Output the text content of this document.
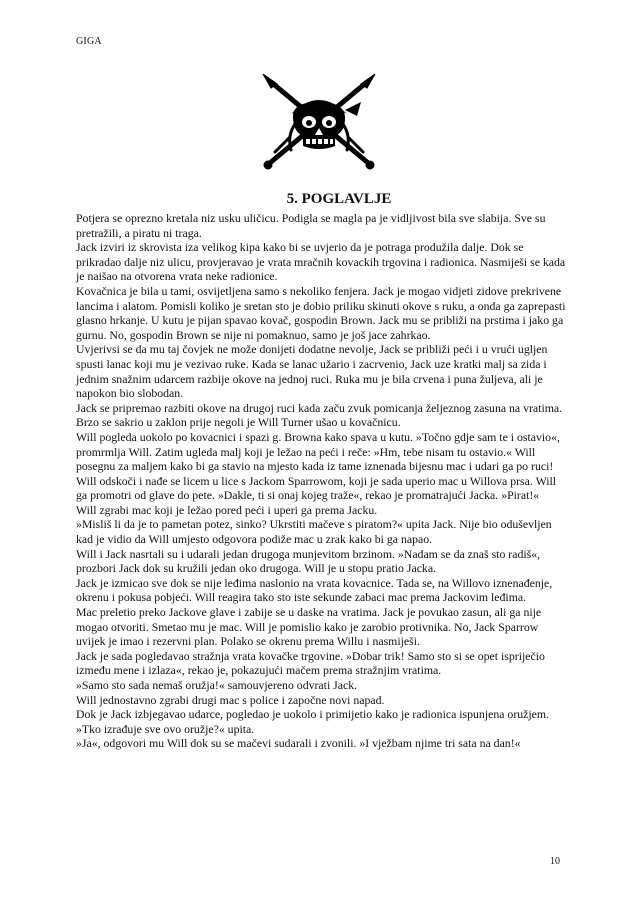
GIGA
5. POGLAVLJE

Potjera se oprezno kretala niz usku uličicu. Podigla se magla pa je vidljivost bila sve slabija. Sve su pretražili, a piratu ni traga.

Jack izviri iz skrovista iza velikog kipa kako bi se uvjerio da je potraga produžila dalje. Dok se prikradao dalje niz ulicu, provjeravao je vrata mračnih kovackih trgovina i radionica. Nasmiješi se kada je naišao na otvorena vrata neke radionice.

Kovačnica je bila u tami, osvijetljena samo s nekoliko fenjera. Jack je mogao vidjeti zidove prekrivene lancima i alatom. Pomisli koliko je sretan sto je dobio priliku skinuti okove s ruku, a onda ga zaprepasti glasno hrkanje. U kutu je pijan spavao kovač, gospodin Brown. Jack mu se približi na prstima i jako ga gurnu. No, gospodin Brown se nije ni pomaknuo, samo je još jace zahrkao.

Uvjerivsi se da mu taj čovjek ne može donijeti dodatne nevolje, Jack se približi peći i u vrući ugljen spusti lanac koji mu je vezivao ruke. Kada se lanac užario i zacrvenio, Jack uze kratki malj sa zida i jednim snažnim udarcem razbije okove na jednoj ruci. Ruka mu je bila crvena i puna žuljeva, ali je napokon bio slobodan.

Jack se pripremao razbiti okove na drugoj ruci kada začu zvuk pomicanja željeznog zasuna na vratima. Brzo se sakrio u zaklon prije negoli je Will Turner ušao u kovačnicu.

Will pogleda uokolo po kovacnici i spazi g. Browna kako spava u kutu. »Točno gdje sam te i ostavio«, promrmlja Will. Zatim ugleda malj koji je ležao na peći i reče: »Hm, tebe nisam tu ostavio.« Will posegnu za maljem kako bi ga stavio na mjesto kada iz tame iznenada bijesnu mac i udari ga po ruci!

Will odskoči i nađe se licem u lice s Jackom Sparrowom, koji je sada uperio mac u Willova prsa. Will ga promotri od glave do pete. »Dakle, ti si onaj kojeg traže«, rekao je promatrajući Jacka. »Pirat!«

Will zgrabi mac koji je ležao pored peći i uperi ga prema Jacku.

»Misliš li da je to pametan potez, sinko? Ukrstiti mačeve s piratom?« upita Jack. Nije bio oduševljen kad je vidio da Will umjesto odgovora podiže mac u zrak kako bi ga napao.

Will i Jack nasrtali su i udarali jedan drugoga munjevitom brzinom. »Nadam se da znaš sto radiš«, prozbori Jack dok su kružili jedan oko drugoga. Will je u stopu pratio Jacka.

Jack je izmicao sve dok se nije leđima naslonio na vrata kovacnice. Tada se, na Willovo iznenađenje, okrenu i pokusa pobjeći. Will reagira tako sto iste sekunde zabaci mac prema Jackovim leđima.

Mac preletio preko Jackove glave i zabije se u daske na vratima. Jack je povukao zasun, ali ga nije mogao otvoriti. Smetao mu je mac. Will je pomislio kako je zarobio protivnika. No, Jack Sparrow uvijek je imao i rezervni plan. Polako se okrenu prema Willu i nasmiješi.

Jack je sada pogledavao stražnja vrata kovačke trgovine. »Dobar trik! Samo sto si se opet ispriječio između mene i izlaza«, rekao je, pokazujući mačem prema stražnjim vratima.

»Samo sto sada nemaš oružja!« samouvjereno odvrati Jack.

Will jednostavno zgrabi drugi mac s police i započne novi napad.

Dok je Jack izbjegavao udarce, pogledao je uokolo i primijetio kako je radionica ispunjena oružjem. »Tko izrađuje sve ovo oružje?« upita.

»Ja«, odgovori mu Will dok su se mačevi sudarali i zvonili. »I vježbam njime tri sata na dan!«

10
